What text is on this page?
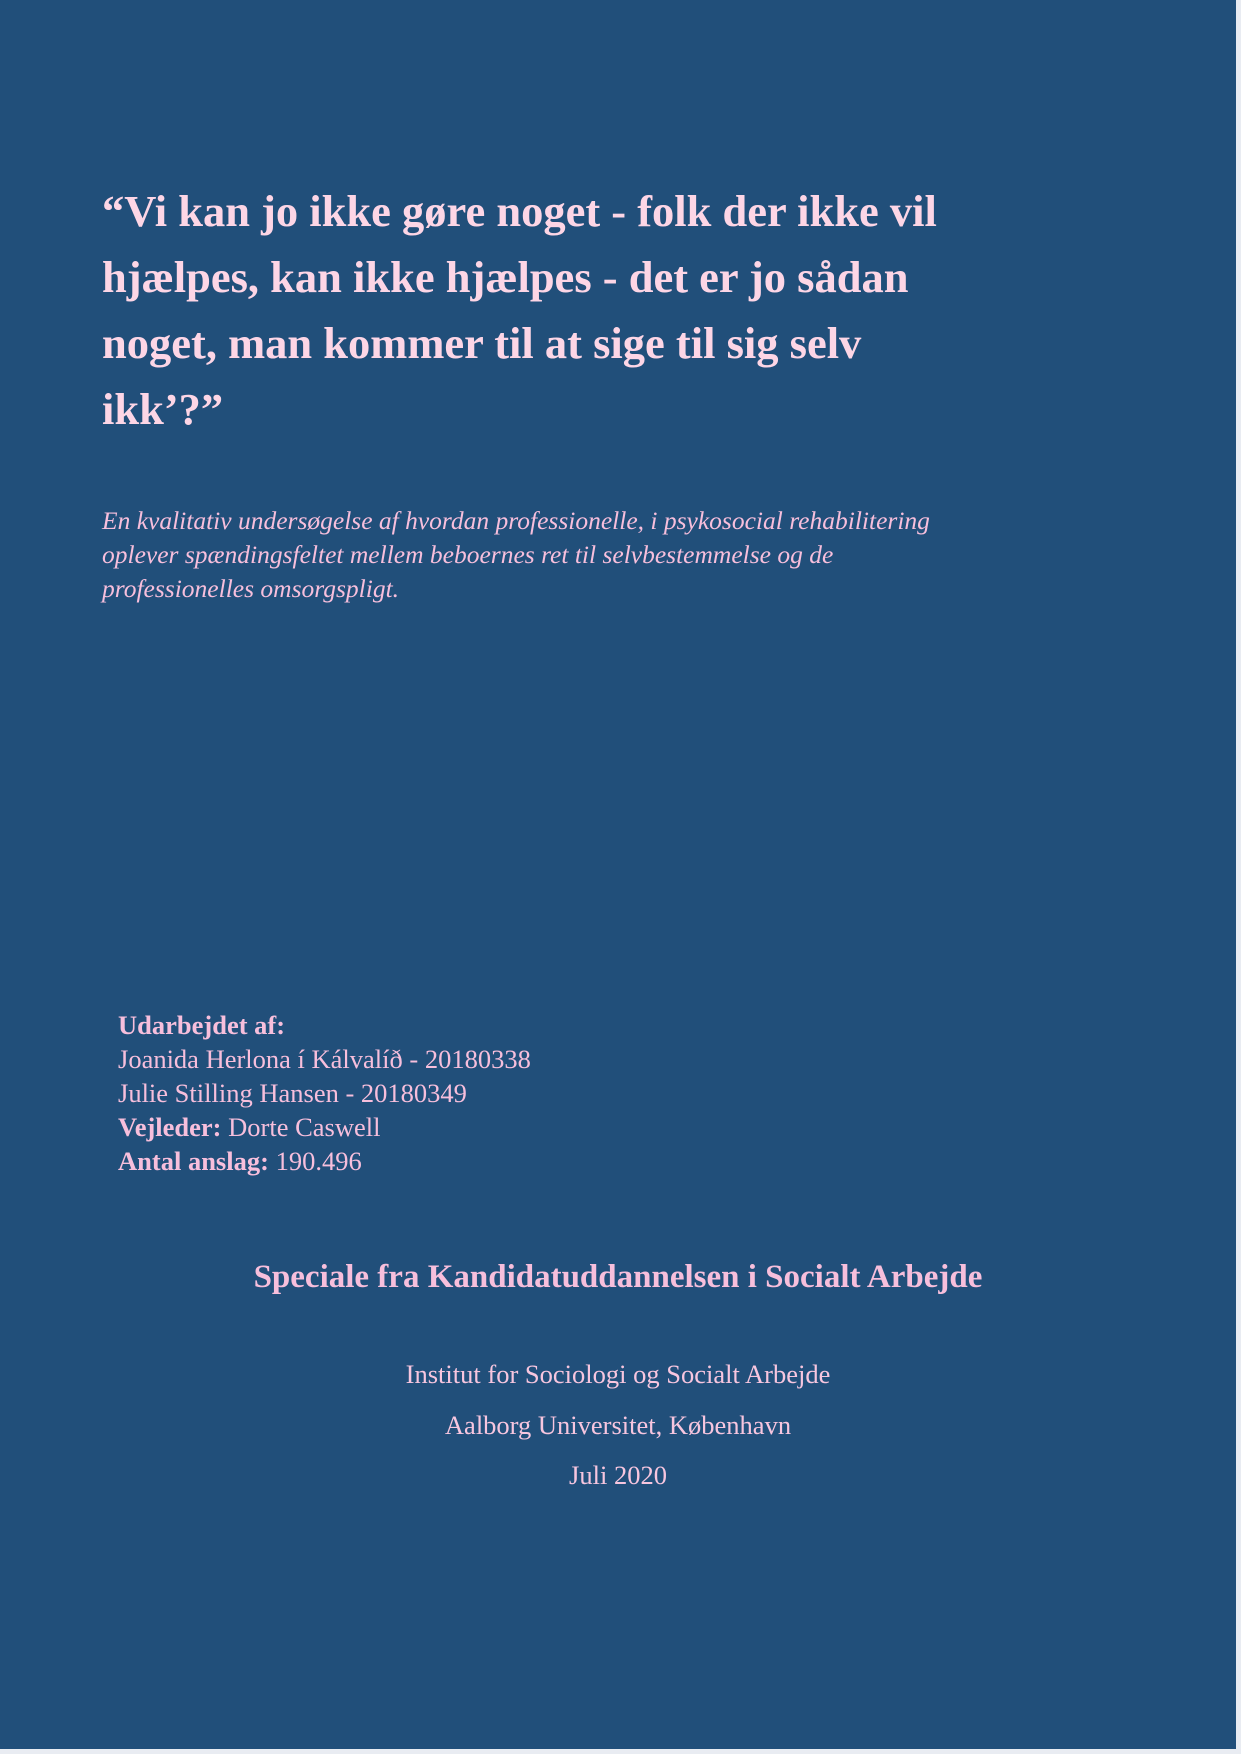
“Vi kan jo ikke gøre noget - folk der ikke vil
hjælpes, kan ikke hjælpes - det er jo sådan
noget, man kommer til at sige til sig selv
ikk’?”

En kvalitativ undersøgelse af hvordan professionelle, i psykosocial rehabilitering
oplever spændingsfeltet mellem beboernes ret til selvbestemmelse og de
professionelles omsorgspligt.

Udarbejdet af:
Joanida Herlona í Kálvalíð - 20180338
Julie Stilling Hansen - 20180349
Vejleder: Dorte Caswell
Antal anslag: 190.496
Speciale fra Kandidatuddannelsen i Socialt Arbejde
Institut for Sociologi og Socialt Arbejde
Aalborg Universitet, København
Juli 2020
